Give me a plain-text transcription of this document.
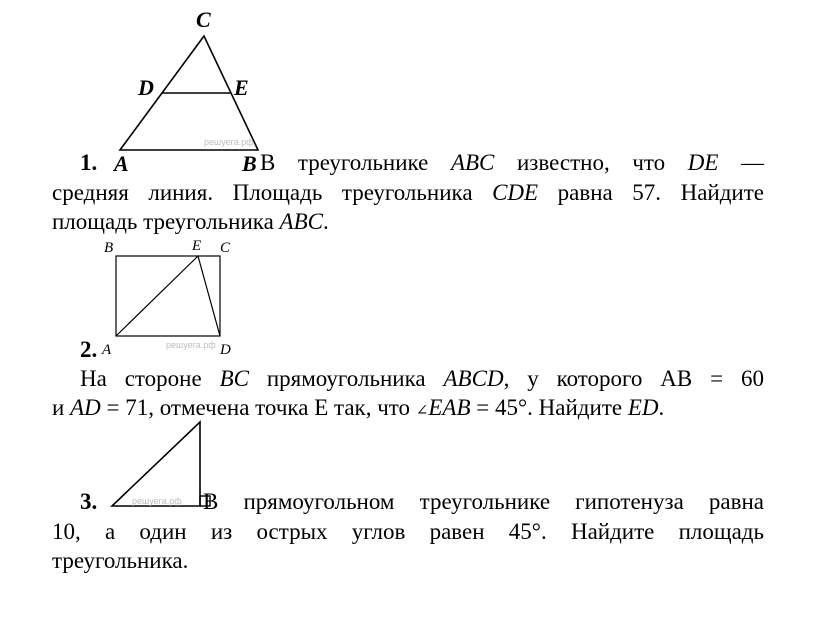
C
D	E
A	B
решуега.рф
1.	В треугольнике ABC известно, что DE —
средняя линия. Площадь треугольника CDE равна 57. Найдите
площадь треугольника ABC.
B	E C
A	D
решуега.рф
2.
На стороне BC прямоугольника ABCD, у которого AB = 60
и AD = 71, отмечена точка E так, что ∠EAB = 45°. Найдите ED.
решуега.рф
3.	В прямоугольном треугольнике гипотенуза равна
10, а один из острых углов равен 45°. Найдите площадь
треугольника.
